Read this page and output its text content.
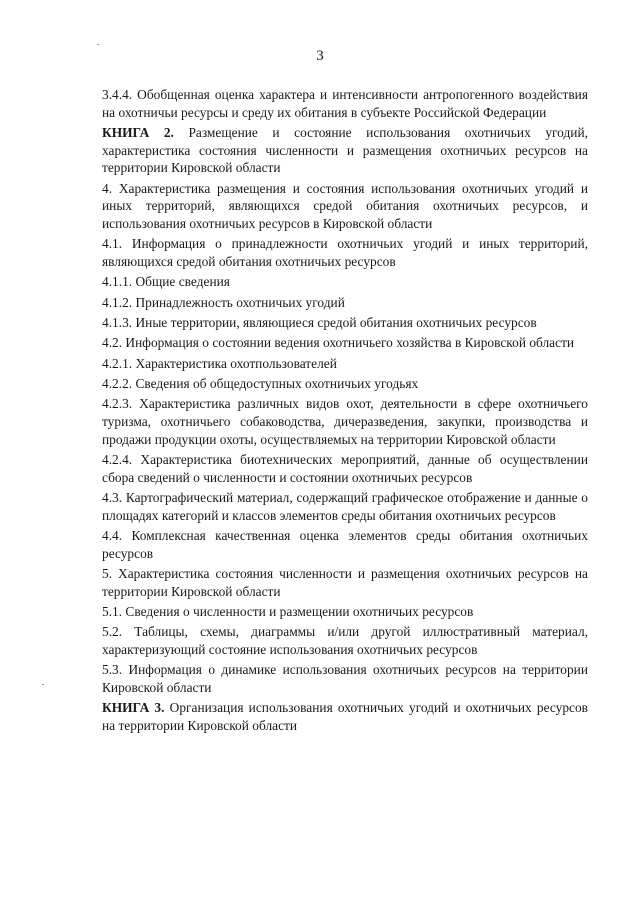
3

3.4.4. Обобщенная оценка характера и интенсивности антропогенного воздействия на охотничьи ресурсы и среду их обитания в субъекте Российской Федерации

КНИГА 2. Размещение и состояние использования охотничьих угодий, характеристика состояния численности и размещения охотничьих ресурсов на территории Кировской области

4. Характеристика размещения и состояния использования охотничьих угодий и иных территорий, являющихся средой обитания охотничьих ресурсов, и использования охотничьих ресурсов в Кировской области

4.1. Информация о принадлежности охотничьих угодий и иных территорий, являющихся средой обитания охотничьих ресурсов

4.1.1. Общие сведения

4.1.2. Принадлежность охотничьих угодий

4.1.3. Иные территории, являющиеся средой обитания охотничьих ресурсов

4.2. Информация о состоянии ведения охотничьего хозяйства в Кировской области

4.2.1. Характеристика охотпользователей

4.2.2. Сведения об общедоступных охотничьих угодьях

4.2.3. Характеристика различных видов охот, деятельности в сфере охотничьего туризма, охотничьего собаководства, дичеразведения, закупки, производства и продажи продукции охоты, осуществляемых на территории Кировской области

4.2.4. Характеристика биотехнических мероприятий, данные об осуществлении сбора сведений о численности и состоянии охотничьих ресурсов

4.3. Картографический материал, содержащий графическое отображение и данные о площадях категорий и классов элементов среды обитания охотничьих ресурсов

4.4. Комплексная качественная оценка элементов среды обитания охотничьих ресурсов

5. Характеристика состояния численности и размещения охотничьих ресурсов на территории Кировской области

5.1. Сведения о численности и размещении охотничьих ресурсов

5.2. Таблицы, схемы, диаграммы и/или другой иллюстративный материал, характеризующий состояние использования охотничьих ресурсов

5.3. Информация о динамике использования охотничьих ресурсов на территории Кировской области

КНИГА 3. Организация использования охотничьих угодий и охотничьих ресурсов на территории Кировской области
